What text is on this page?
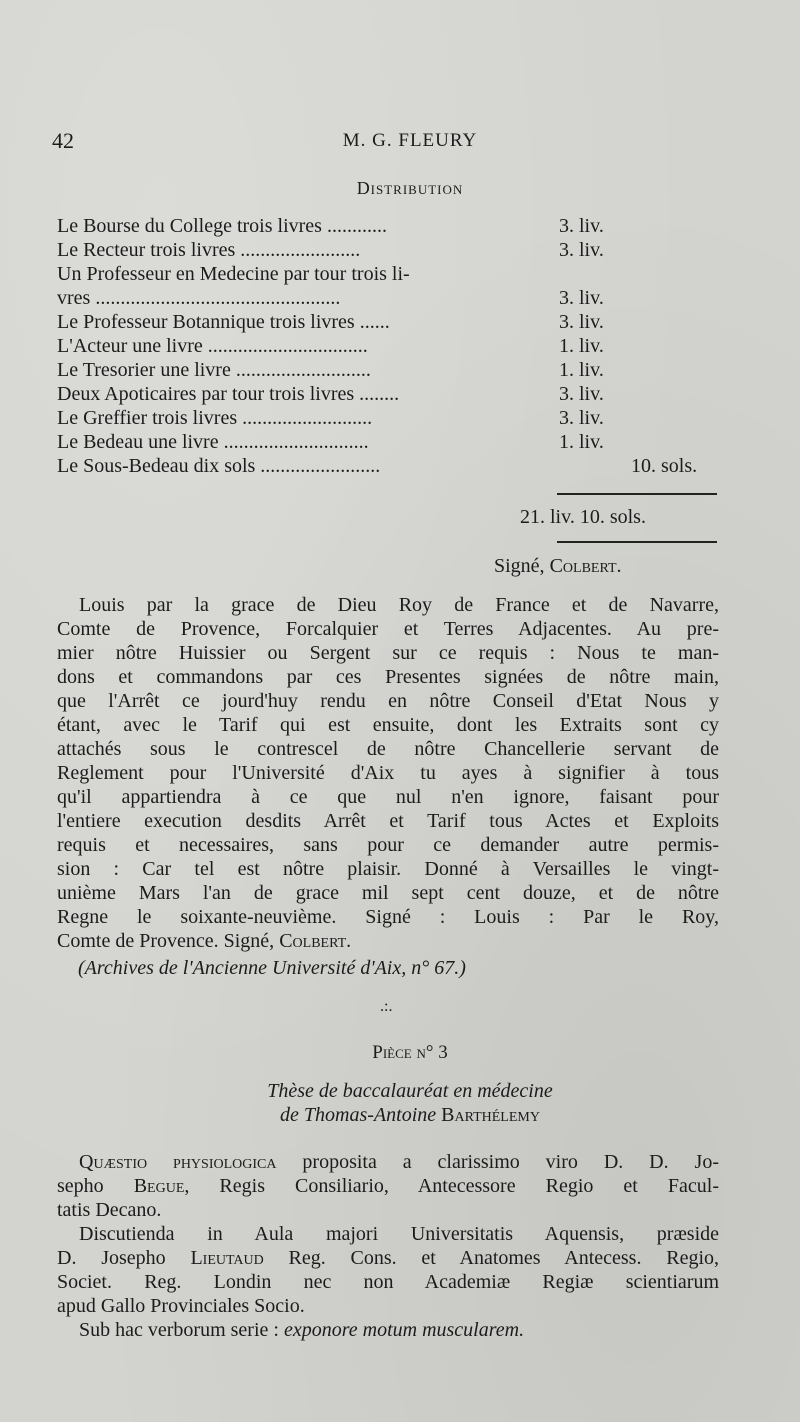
42	M. G. FLEURY
Distribution
Le Bourse du College trois livres ............	3. liv.
Le Recteur trois livres ........................	3. liv.
Un Professeur en Medecine par tour trois li-
vres .................................................	3. liv.
Le Professeur Botannique trois livres ......	3. liv.
L'Acteur une livre ................................	1. liv.
Le Tresorier une livre ...........................	1. liv.
Deux Apoticaires par tour trois livres ........	3. liv.
Le Greffier trois livres ..........................	3. liv.
Le Bedeau une livre .............................	1. liv.
Le Sous-Bedeau dix sols ........................	10. sols.
21. liv. 10. sols.
Signé, Colbert.
Louis par la grace de Dieu Roy de France et de Navarre,
Comte de Provence, Forcalquier et Terres Adjacentes. Au pre-
mier nôtre Huissier ou Sergent sur ce requis : Nous te man-
dons et commandons par ces Presentes signées de nôtre main,
que l'Arrêt ce jourd'huy rendu en nôtre Conseil d'Etat Nous y
étant, avec le Tarif qui est ensuite, dont les Extraits sont cy
attachés sous le contrescel de nôtre Chancellerie servant de
Reglement pour l'Université d'Aix tu ayes à signifier à tous
qu'il appartiendra à ce que nul n'en ignore, faisant pour
l'entiere execution desdits Arrêt et Tarif tous Actes et Exploits
requis et necessaires, sans pour ce demander autre permis-
sion : Car tel est nôtre plaisir. Donné à Versailles le vingt-
unième Mars l'an de grace mil sept cent douze, et de nôtre
Regne le soixante-neuvième. Signé : Louis : Par le Roy,
Comte de Provence. Signé, Colbert.
(Archives de l'Ancienne Université d'Aix, n° 67.)
.:.
Pièce n° 3
Thèse de baccalauréat en médecine
de Thomas-Antoine Barthélemy
Quæstio physiologica proposita a clarissimo viro D. D. Jo-
sepho Begue, Regis Consiliario, Antecessore Regio et Facul-
tatis Decano.
Discutienda in Aula majori Universitatis Aquensis, præside
D. Josepho Lieutaud Reg. Cons. et Anatomes Antecess. Regio,
Societ. Reg. Londin nec non Academiæ Regiæ scientiarum
apud Gallo Provinciales Socio.
Sub hac verborum serie : exponore motum muscularem.
